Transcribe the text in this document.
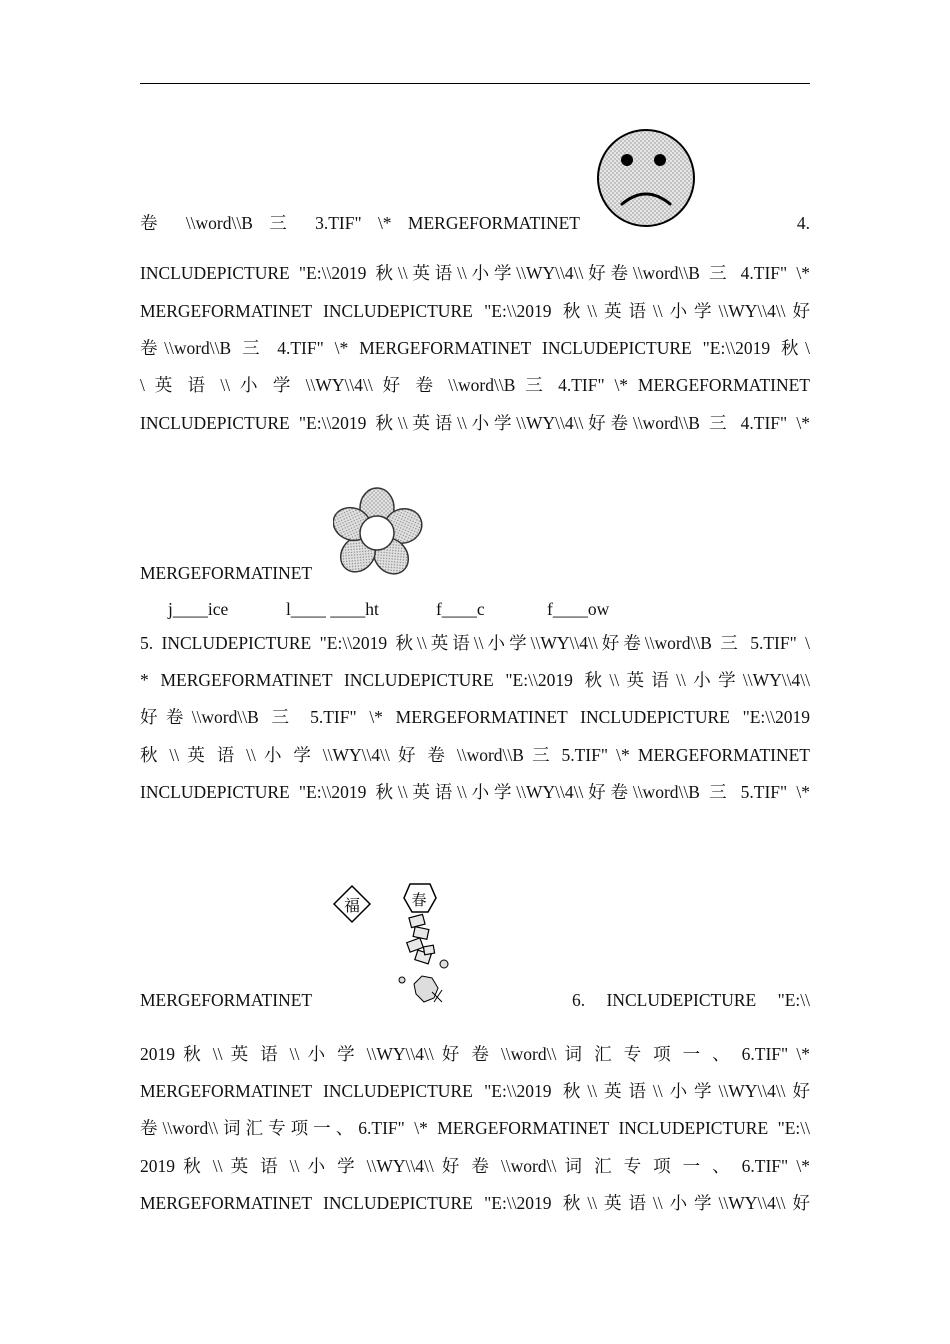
卷 \\word\\B 三 3.TIF" \* MERGEFORMATINET	4.
INCLUDEPICTURE "E:\\2019 秋\\英语\\小学\\WY\\4\\好卷\\word\\B 三 4.TIF" \*
MERGEFORMATINET INCLUDEPICTURE "E:\\2019 秋\\英语\\小学\\WY\\4\\好
卷\\word\\B 三 4.TIF" \* MERGEFORMATINET INCLUDEPICTURE "E:\\2019 秋\
\ 英 语 \\ 小 学 \\WY\\4\\ 好 卷 \\word\\B 三 4.TIF" \* MERGEFORMATINET
INCLUDEPICTURE "E:\\2019 秋\\英语\\小学\\WY\\4\\好卷\\word\\B 三 4.TIF" \*
MERGEFORMATINET
j____ice	l____ ____ht	f____c	f____ow
5. INCLUDEPICTURE "E:\\2019 秋\\英语\\小学\\WY\\4\\好卷\\word\\B 三 5.TIF" \
* MERGEFORMATINET INCLUDEPICTURE "E:\\2019 秋\\英语\\小学\\WY\\4\\
好卷\\word\\B 三 5.TIF" \* MERGEFORMATINET INCLUDEPICTURE "E:\\2019
秋 \\ 英 语 \\ 小 学 \\WY\\4\\ 好 卷 \\word\\B 三 5.TIF" \* MERGEFORMATINET
INCLUDEPICTURE "E:\\2019 秋\\英语\\小学\\WY\\4\\好卷\\word\\B 三 5.TIF" \*
福	春
MERGEFORMATINET	6. INCLUDEPICTURE "E:\\
2019 秋 \\ 英 语 \\ 小 学 \\WY\\4\\ 好 卷 \\word\\ 词 汇 专 项 一 、 6.TIF" \*
MERGEFORMATINET INCLUDEPICTURE "E:\\2019 秋\\英语\\小学\\WY\\4\\好
卷\\word\\词汇专项一、6.TIF" \* MERGEFORMATINET INCLUDEPICTURE "E:\\
2019 秋 \\ 英 语 \\ 小 学 \\WY\\4\\ 好 卷 \\word\\ 词 汇 专 项 一 、 6.TIF" \*
MERGEFORMATINET INCLUDEPICTURE "E:\\2019 秋\\英语\\小学\\WY\\4\\好
